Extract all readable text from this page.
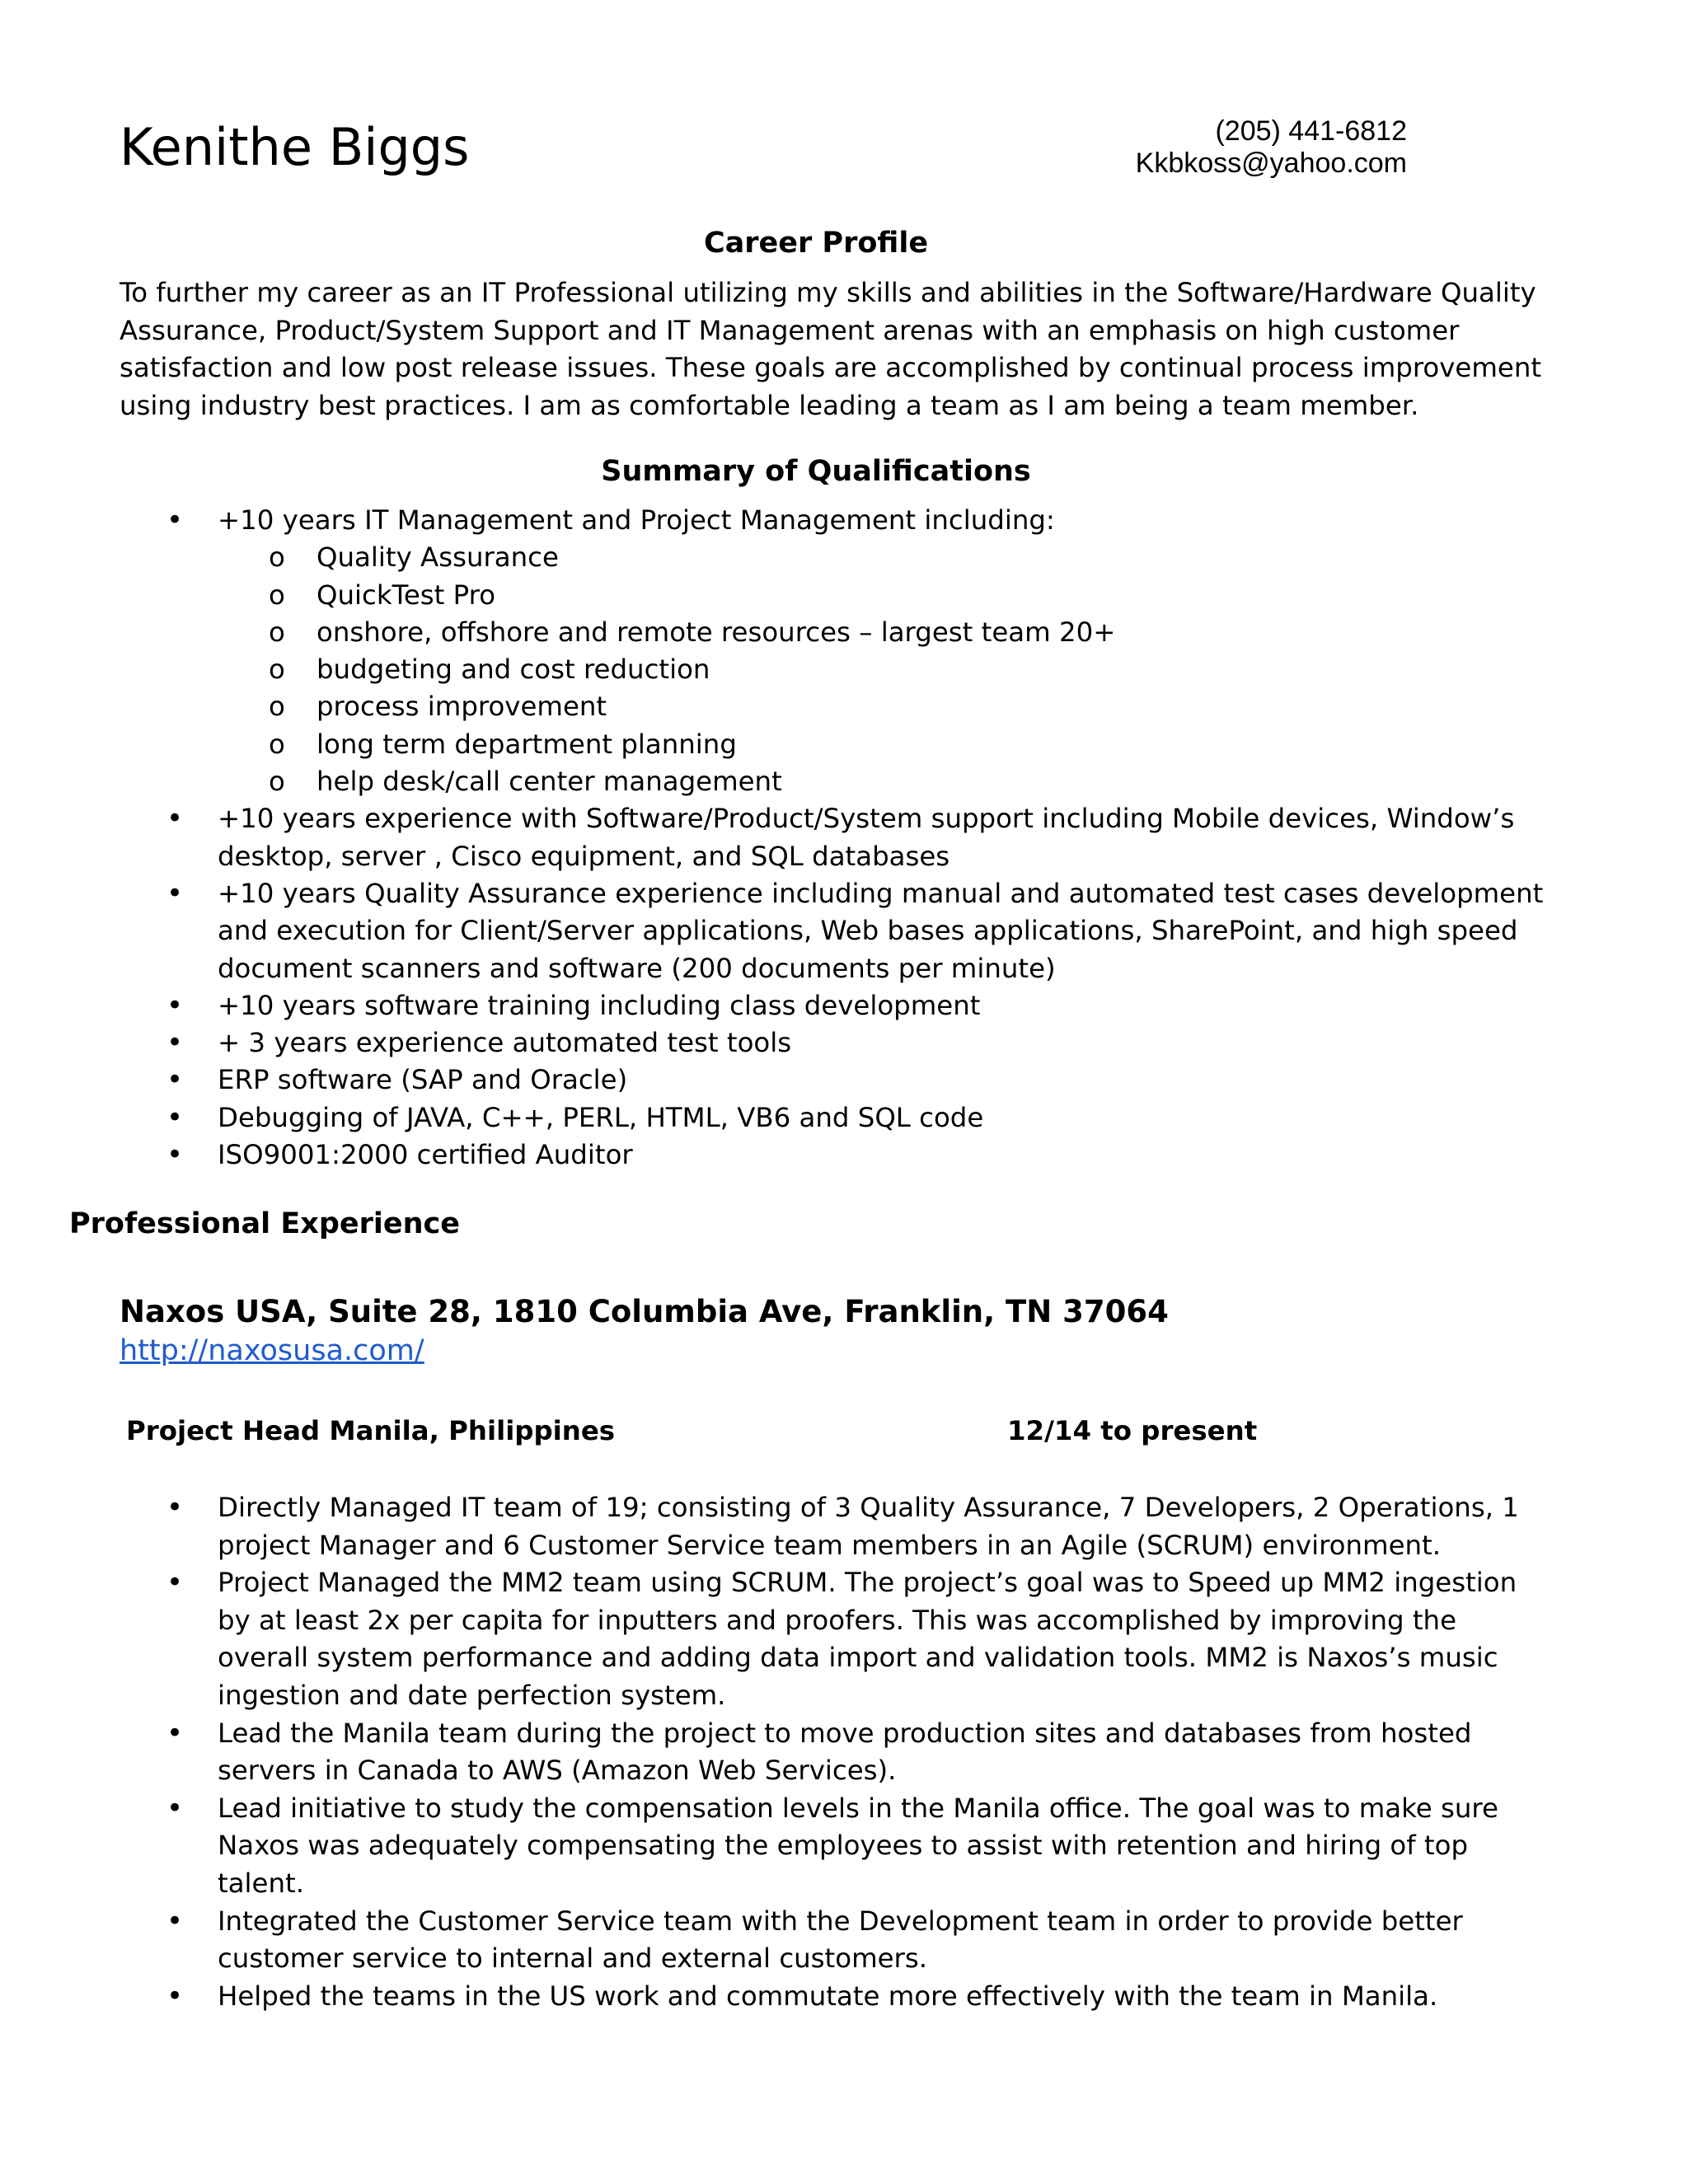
Kenithe Biggs	(205) 441-6812
Kkbkoss@yahoo.com
Career Profile

To further my career as an IT Professional utilizing my skills and abilities in the Software/Hardware Quality Assurance, Product/System Support and IT Management arenas with an emphasis on high customer satisfaction and low post release issues. These goals are accomplished by continual process improvement using industry best practices. I am as comfortable leading a team as I am being a team member.

Summary of Qualifications
• +10 years IT Management and Project Management including:
o Quality Assurance
o QuickTest Pro
o onshore, offshore and remote resources – largest team 20+
o budgeting and cost reduction
o process improvement
o long term department planning
o help desk/call center management
• +10 years experience with Software/Product/System support including Mobile devices, Window’s desktop, server , Cisco equipment, and SQL databases
• +10 years Quality Assurance experience including manual and automated test cases development and execution for Client/Server applications, Web bases applications, SharePoint, and high speed document scanners and software (200 documents per minute)
• +10 years software training including class development
• + 3 years experience automated test tools
• ERP software (SAP and Oracle)
• Debugging of JAVA, C++, PERL, HTML, VB6 and SQL code
• ISO9001:2000 certified Auditor
Professional Experience
Naxos USA, Suite 28, 1810 Columbia Ave, Franklin, TN 37064
http://naxosusa.com/
Project Head Manila, Philippines	12/14 to present
• Directly Managed IT team of 19; consisting of 3 Quality Assurance, 7 Developers, 2 Operations, 1 project Manager and 6 Customer Service team members in an Agile (SCRUM) environment.
• Project Managed the MM2 team using SCRUM. The project’s goal was to Speed up MM2 ingestion by at least 2x per capita for inputters and proofers. This was accomplished by improving the overall system performance and adding data import and validation tools. MM2 is Naxos’s music ingestion and date perfection system.
• Lead the Manila team during the project to move production sites and databases from hosted servers in Canada to AWS (Amazon Web Services).
• Lead initiative to study the compensation levels in the Manila office. The goal was to make sure Naxos was adequately compensating the employees to assist with retention and hiring of top talent.
• Integrated the Customer Service team with the Development team in order to provide better customer service to internal and external customers.
• Helped the teams in the US work and commutate more effectively with the team in Manila.
